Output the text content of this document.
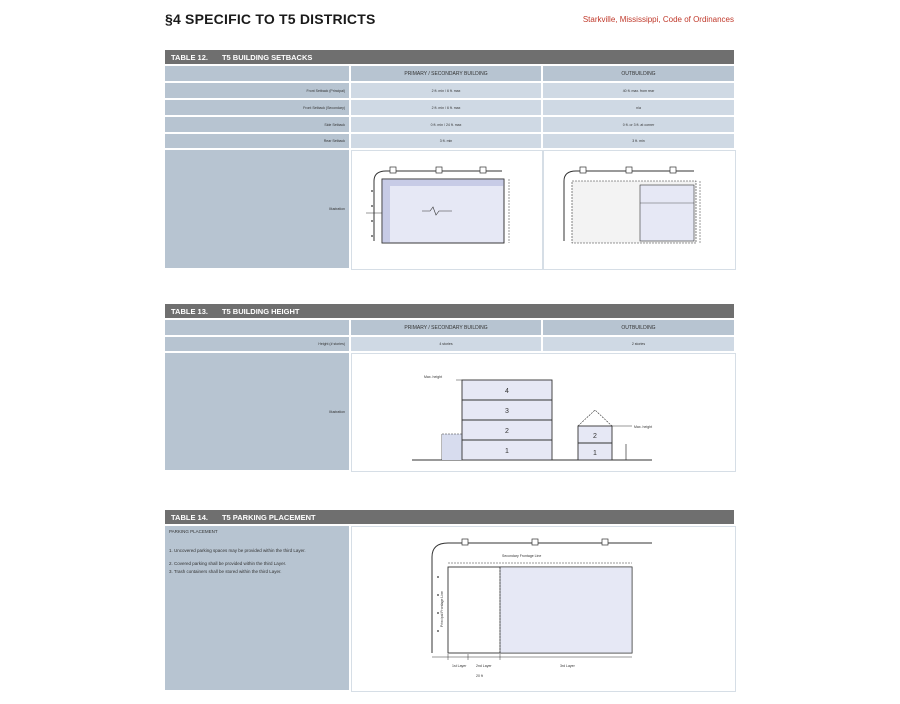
§4 SPECIFIC TO T5 DISTRICTS	Starkville, Mississippi, Code of Ordinances
TABLE 12. T5 BUILDING SETBACKS
PRIMARY / SECONDARY BUILDING	OUTBUILDING
Front Setback (Principal)	2 ft. min / 6 ft. max	40 ft. max. from rear
Front Setback (Secondary)	2 ft. min / 6 ft. max	n/a
Side Setback	0 ft. min / 24 ft. max	0 ft. or 3 ft. at corner
Rear Setback	3 ft. min	3 ft. min
Illustration
TABLE 13. T5 BUILDING HEIGHT
PRIMARY / SECONDARY BUILDING	OUTBUILDING
Height (# stories)	4 stories	2 stories
Illustration
Max. height
4
3
2
1
Max. height
2
1
TABLE 14. T5 PARKING PLACEMENT
PARKING PLACEMENT
1. Uncovered parking spaces may be provided within the third Layer.
2. Covered parking shall be provided within the third Layer.
3. Trash containers shall be stored within the third Layer.
Secondary Frontage Line
Principal Frontage Line
1st Layer	2nd Layer	3rd Layer
20 ft
